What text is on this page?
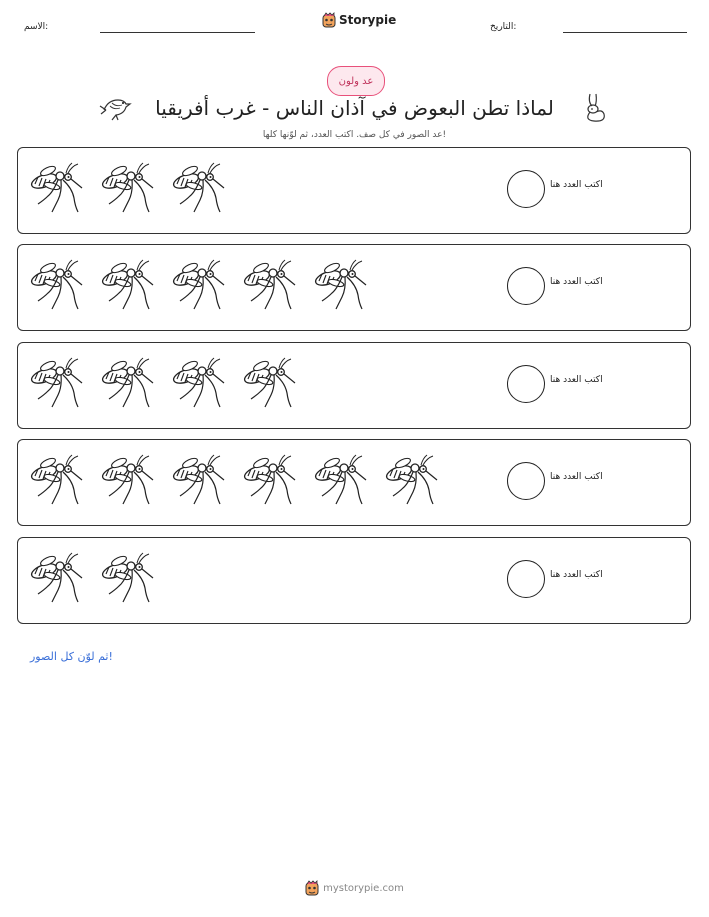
الاسم:	Storypie	التاريخ:
عد ولون
لماذا تطن البعوض في آذان الناس - غرب أفريقيا
عد الصور في كل صف. اكتب العدد، ثم لوّنها كلها!
اكتب العدد هنا
اكتب العدد هنا
اكتب العدد هنا
اكتب العدد هنا
اكتب العدد هنا
ثم لوّن كل الصور!
mystorypie.com
